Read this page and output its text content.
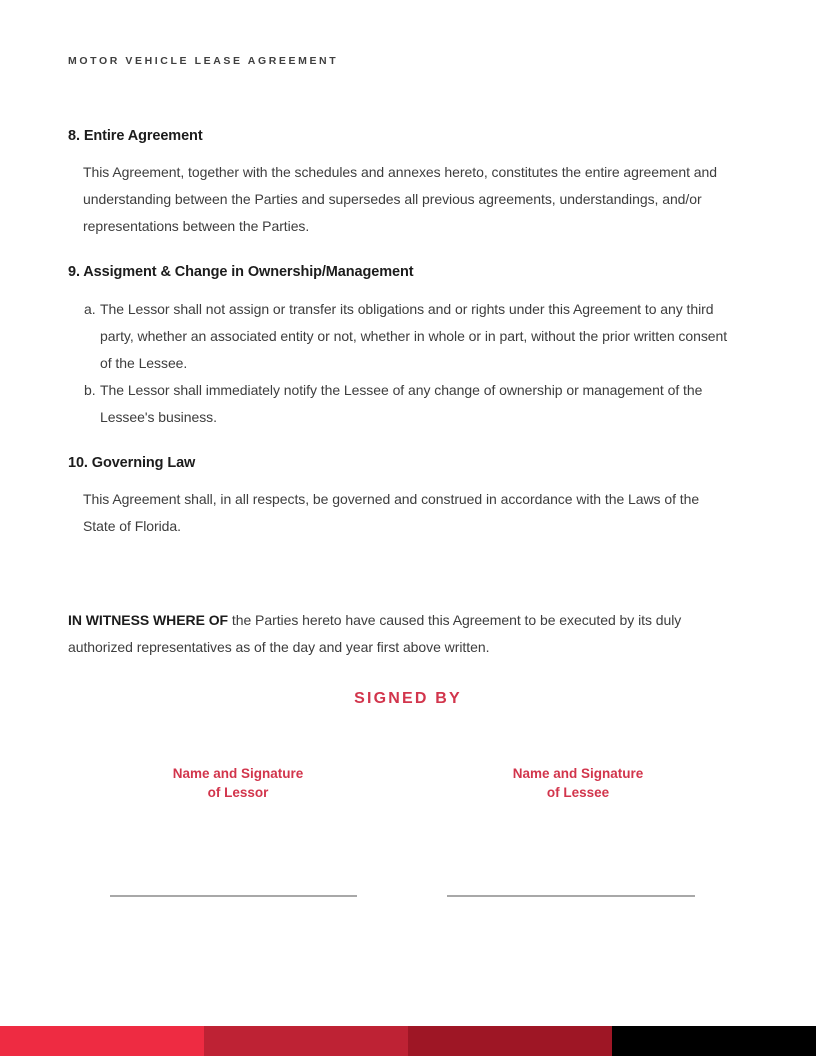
MOTOR VEHICLE LEASE AGREEMENT
8. Entire Agreement

This Agreement, together with the schedules and annexes hereto, constitutes the entire agreement and understanding between the Parties and supersedes all previous agreements, understandings, and/or representations between the Parties.

9. Assigment & Change in Ownership/Management
a. The Lessor shall not assign or transfer its obligations and or rights under this Agreement to any third party, whether an associated entity or not, whether in whole or in part, without the prior written consent of the Lessee.
b. The Lessor shall immediately notify the Lessee of any change of ownership or management of the Lessee's business.
10. Governing Law

This Agreement shall, in all respects, be governed and construed in accordance with the Laws of the State of Florida.

IN WITNESS WHERE OF the Parties hereto have caused this Agreement to be executed by its duly authorized representatives as of the day and year first above written.

SIGNED BY
Name and Signature
of Lessor
Name and Signature
of Lessee
